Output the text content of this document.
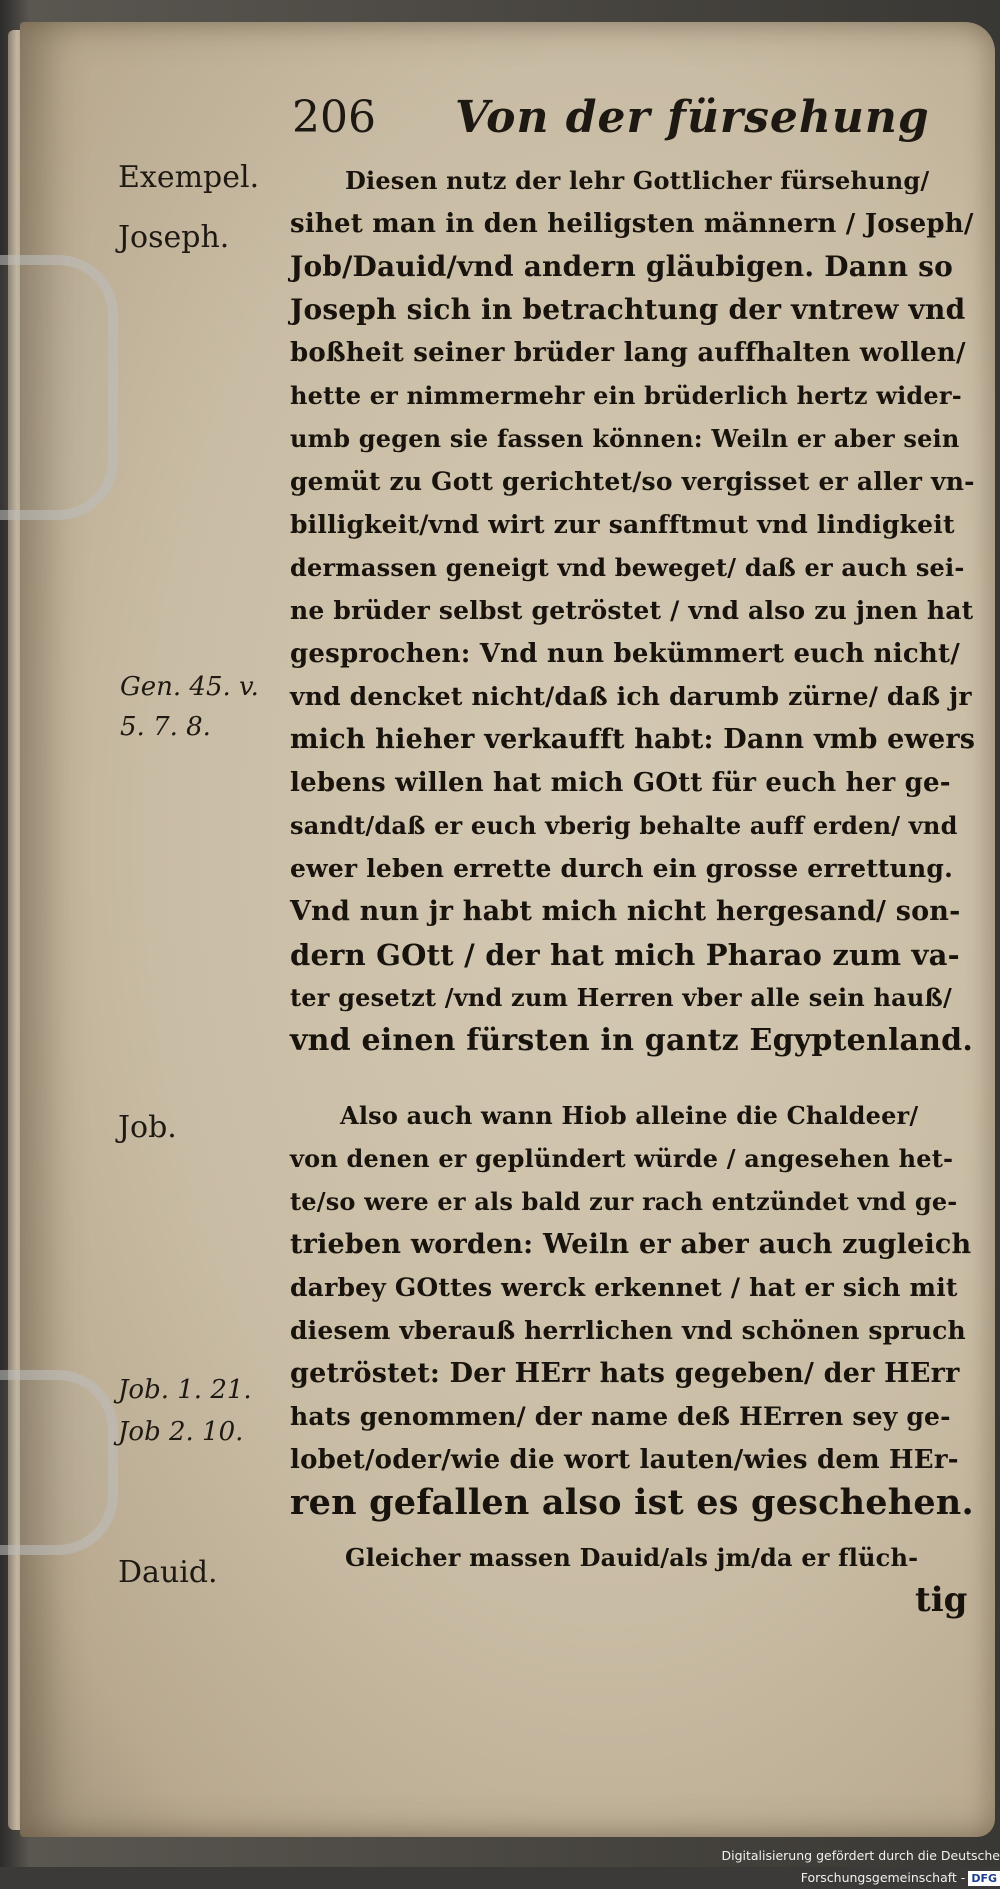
206 Von der fürsehung
Exempel.
Joseph.
Gen. 45. v.
5. 7. 8.
Job.
Job. 1. 21.
Job 2. 10.
Dauid.
Diesen nutz der lehr Gottlicher fürsehung/
sihet man in den heiligsten männern / Joseph/
Job/Dauid/vnd andern gläubigen. Dann so
Joseph sich in betrachtung der vntrew vnd
boßheit seiner brüder lang auffhalten wollen/
hette er nimmermehr ein brüderlich hertz wider-
umb gegen sie fassen können: Weiln er aber sein
gemüt zu Gott gerichtet/so vergisset er aller vn-
billigkeit/vnd wirt zur sanfftmut vnd lindigkeit
dermassen geneigt vnd beweget/ daß er auch sei-
ne brüder selbst getröstet / vnd also zu jnen hat
gesprochen: Vnd nun bekümmert euch nicht/
vnd dencket nicht/daß ich darumb zürne/ daß jr
mich hieher verkaufft habt: Dann vmb ewers
lebens willen hat mich GOtt für euch her ge-
sandt/daß er euch vberig behalte auff erden/ vnd
ewer leben errette durch ein grosse errettung.
Vnd nun jr habt mich nicht hergesand/ son-
dern GOtt / der hat mich Pharao zum va-
ter gesetzt /vnd zum Herren vber alle sein hauß/
vnd einen fürsten in gantz Egyptenland.
Also auch wann Hiob alleine die Chaldeer/
von denen er geplündert würde / angesehen het-
te/so were er als bald zur rach entzündet vnd ge-
trieben worden: Weiln er aber auch zugleich
darbey GOttes werck erkennet / hat er sich mit
diesem vberauß herrlichen vnd schönen spruch
getröstet: Der HErr hats gegeben/ der HErr
hats genommen/ der name deß HErren sey ge-
lobet/oder/wie die wort lauten/wies dem HEr-
ren gefallen also ist es geschehen.
Gleicher massen Dauid/als jm/da er flüch-
tig
Digitalisierung gefördert durch die Deutsche Forschungsgemeinschaft - DFG
